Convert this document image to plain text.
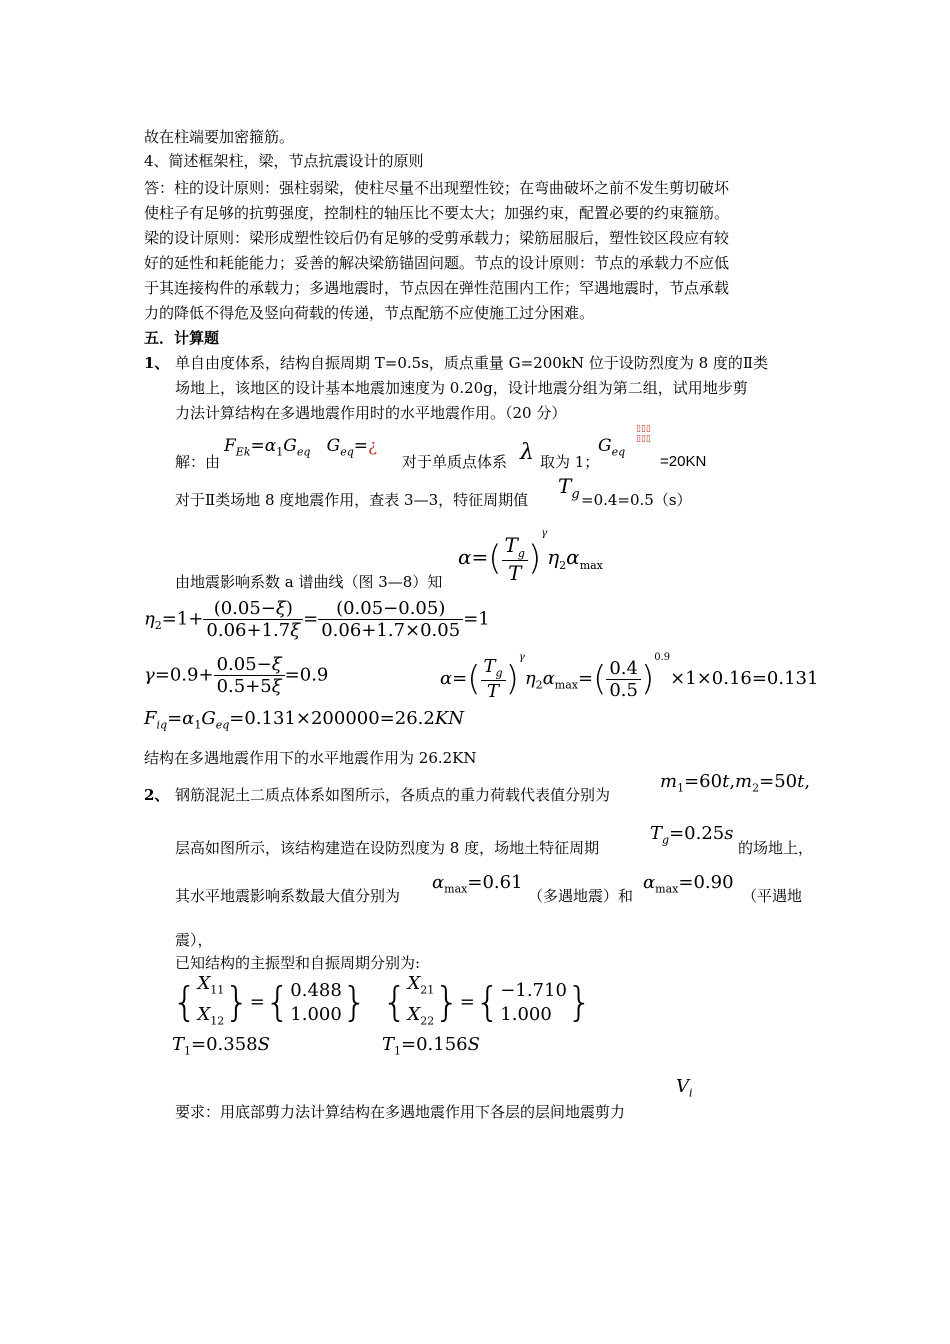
故在柱端要加密箍筋。
4、简述框架柱，梁，节点抗震设计的原则
答：柱的设计原则：强柱弱梁，使柱尽量不出现塑性铰；在弯曲破坏之前不发生剪切破坏
使柱子有足够的抗剪强度，控制柱的轴压比不要太大；加强约束，配置必要的约束箍筋。
梁的设计原则：梁形成塑性铰后仍有足够的受剪承载力；梁筋屈服后，塑性铰区段应有较
好的延性和耗能能力；妥善的解决梁筋锚固问题。节点的设计原则：节点的承载力不应低
于其连接构件的承载力；多遇地震时，节点因在弹性范围内工作；罕遇地震时，节点承载
力的降低不得危及竖向荷载的传递，节点配筋不应使施工过分困难。
五．计算题
1、 单自由度体系，结构自振周期 T=0.5s，质点重量 G=200kN 位于设防烈度为 8 度的Ⅱ类
场地上，该地区的设计基本地震加速度为 0.20g，设计地震分组为第二组，试用地步剪
力法计算结构在多遇地震作用时的水平地震作用。（20 分）
解：由
$F_{Ek}=\alpha_1G_{eq}$ $G_{eq}=¿$
对于单质点体系 λ 取为 1；
$G_{eq}$
▯▯▯
▯▯▯
=20KN
对于Ⅱ类场地 8 度地震作用，查表 3—3，特征周期值
$T_g =0.4=0.5(s)$
$\alpha=( \frac{T_g}{T} )^\gamma\eta_2\alpha_{max}$
由地震影响系数 a 谱曲线（图 3—8）知
$\eta_2=1+ \frac{(0.05-\xi)}{0.06+1.7\xi} = \frac{(0.05-0.05)}{0.06+1.7\times 0.05} =1$
$\gamma=0.9+ \frac{0.05-\xi}{0.5+5\xi} =0.9$	$\alpha=( \frac{T_g}{T} )^\gamma\eta_2\alpha_{max}=( \frac{0.4}{0.5} )^{0.9}\times 1\times 0.16=0.131$
$F_{iq}=\alpha_1G_{eq}=0.131\times 200000=26.2KN$
结构在多遇地震作用下的水平地震作用为 26.2KN
2、 钢筋混泥土二质点体系如图所示，各质点的重力荷载代表值分别为
$m_1=60t,m_2=50t$,
层高如图所示，该结构建造在设防烈度为 8 度，场地土特征周期
$T_g=0.25s$
的场地上，
其水平地震影响系数最大值分别为
$\alpha_{max}=0.61$
（多遇地震）和
$\alpha_{max}=0.90$
（平遇地
震），
已知结构的主振型和自振周期分别为:
{$X_{11}$
$X_{12}\}=\{0.488$
1.000} {$X_{21}$
$X_{22}\}=\{-1.710$
1.000 }
$T_1=0.358S$	$T_1=0.156S$
要求：用底部剪力法计算结构在多遇地震作用下各层的层间地震剪力
$V_i$
